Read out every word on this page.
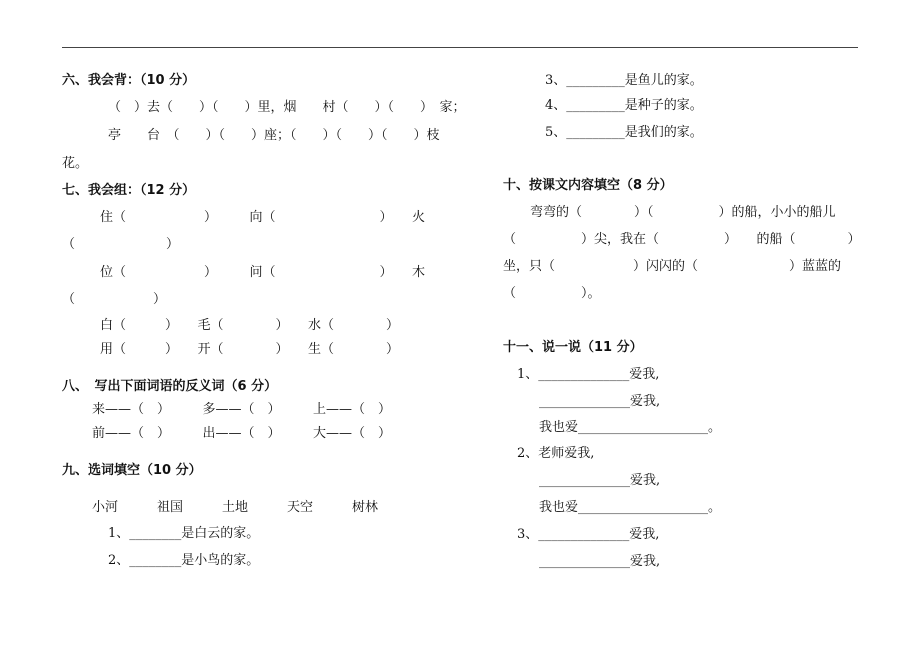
六、我会背：（10 分）
（　）去（　　）（　　）里，烟　　村（　　）（　　）　家；
亭　　台　（　　）（　　）座；（　　）（　　）（　　）枝
花。
七、我会组：（12 分）
住（　　　　　　）　　　向（　　　　　　　　）　　火
（　　　　　　　）
位（　　　　　　）　　　问（　　　　　　　　）　　木
（　　　　　　）
白（　　　）　　毛（　　　　）　　水（　　　　）
用（　　　）　　开（　　　　）　　生（　　　　）
八、　写出下面词语的反义词（6 分）
来——（　）　　　多——（　）　　　上——（　）
前——（　）　　　出——（　）　　　大——（　）
九、选词填空（10 分）
小河　　　祖国　　　土地　　　天空　　　树林
1、________是白云的家。
2、________是小鸟的家。
3、_________是鱼儿的家。
4、_________是种子的家。
5、_________是我们的家。
十、按课文内容填空（8 分）
弯弯的（　　　　）（　　　　　）的船，小小的船儿
（　　　　　）尖，我在（　　　　　）　　的船（　　　　）
坐，只（　　　　　　）闪闪的（　　　　　　　）蓝蓝的
（　　　　　）。
十一、说一说（11 分）
1、______________爱我,
______________爱我,
我也爱____________________。
2、老师爱我,
______________爱我,
我也爱____________________。
3、______________爱我,
______________爱我,
